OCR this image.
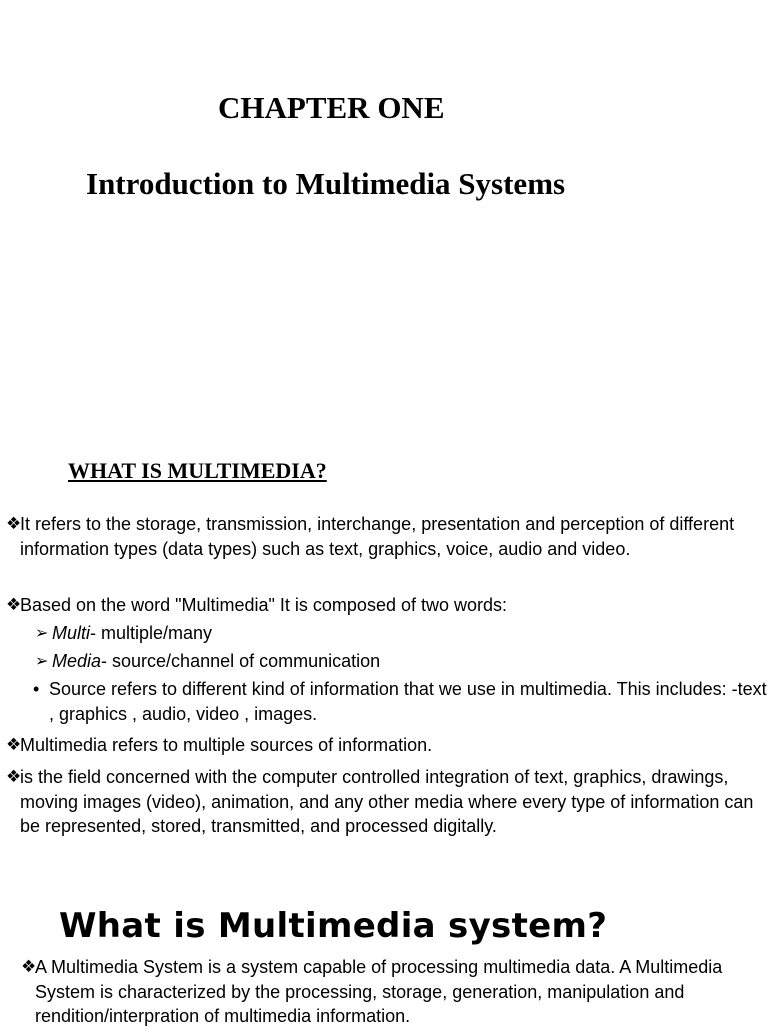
CHAPTER ONE
Introduction to Multimedia Systems
WHAT IS MULTIMEDIA?
❖
It refers to the storage, transmission, interchange, presentation and perception of different information types (data types) such as text, graphics, voice, audio and video.
❖
Based on the word "Multimedia" It is composed of two words:
➢ Multi- multiple/many
➢ Media- source/channel of communication
• Source refers to different kind of information that we use in multimedia. This includes: -text , graphics , audio, video , images.
❖
Multimedia refers to multiple sources of information.
❖
is the field concerned with the computer controlled integration of text, graphics, drawings, moving images (video), animation, and any other media where every type of information can be represented, stored, transmitted, and processed digitally.
What is Multimedia system?
❖
A Multimedia System is a system capable of processing multimedia data. A Multimedia System is characterized by the processing, storage, generation, manipulation and rendition/interpration of multimedia information.
